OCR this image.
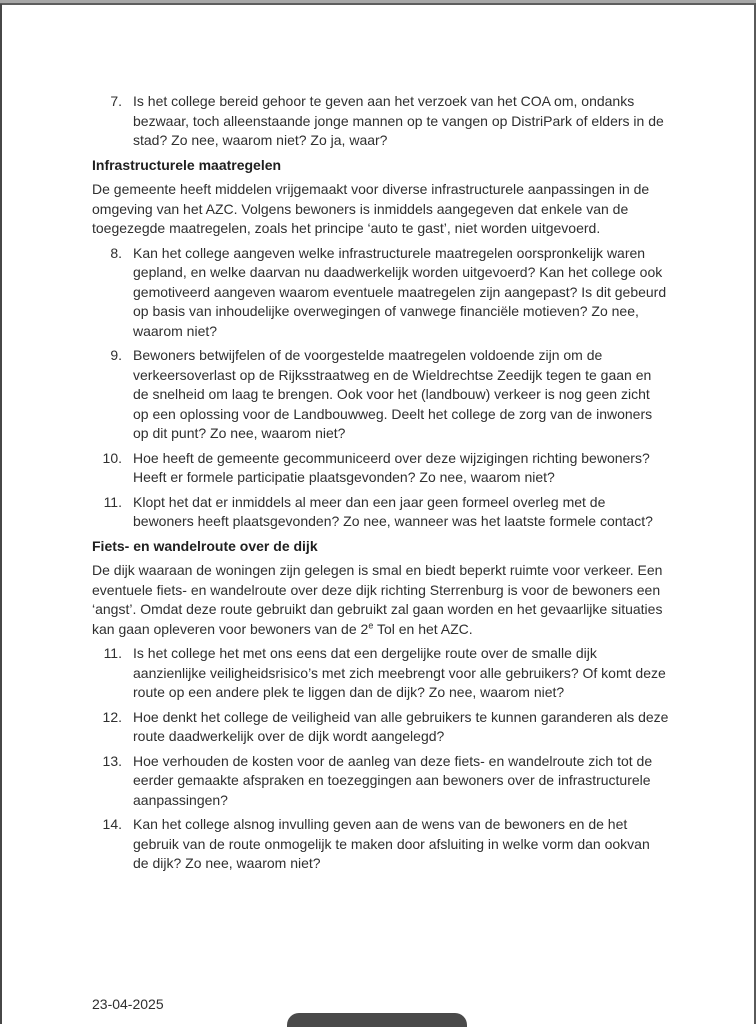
7. Is het college bereid gehoor te geven aan het verzoek van het COA om, ondanks bezwaar, toch alleenstaande jonge mannen op te vangen op DistriPark of elders in de stad? Zo nee, waarom niet? Zo ja, waar?
Infrastructurele maatregelen
De gemeente heeft middelen vrijgemaakt voor diverse infrastructurele aanpassingen in de omgeving van het AZC. Volgens bewoners is inmiddels aangegeven dat enkele van de toegezegde maatregelen, zoals het principe ‘auto te gast’, niet worden uitgevoerd.
8. Kan het college aangeven welke infrastructurele maatregelen oorspronkelijk waren gepland, en welke daarvan nu daadwerkelijk worden uitgevoerd? Kan het college ook gemotiveerd aangeven waarom eventuele maatregelen zijn aangepast? Is dit gebeurd op basis van inhoudelijke overwegingen of vanwege financiële motieven? Zo nee, waarom niet?
9. Bewoners betwijfelen of de voorgestelde maatregelen voldoende zijn om de verkeersoverlast op de Rijksstraatweg en de Wieldrechtse Zeedijk tegen te gaan en de snelheid om laag te brengen. Ook voor het (landbouw) verkeer is nog geen zicht op een oplossing voor de Landbouwweg. Deelt het college de zorg van de inwoners op dit punt? Zo nee, waarom niet?
10. Hoe heeft de gemeente gecommuniceerd over deze wijzigingen richting bewoners? Heeft er formele participatie plaatsgevonden? Zo nee, waarom niet?
11. Klopt het dat er inmiddels al meer dan een jaar geen formeel overleg met de bewoners heeft plaatsgevonden? Zo nee, wanneer was het laatste formele contact?
Fiets- en wandelroute over de dijk
De dijk waaraan de woningen zijn gelegen is smal en biedt beperkt ruimte voor verkeer. Een eventuele fiets- en wandelroute over deze dijk richting Sterrenburg is voor de bewoners een ‘angst’. Omdat deze route gebruikt dan gebruikt zal gaan worden en het gevaarlijke situaties kan gaan opleveren voor bewoners van de 2e Tol en het AZC.
11. Is het college het met ons eens dat een dergelijke route over de smalle dijk aanzienlijke veiligheidsrisico’s met zich meebrengt voor alle gebruikers? Of komt deze route op een andere plek te liggen dan de dijk? Zo nee, waarom niet?
12. Hoe denkt het college de veiligheid van alle gebruikers te kunnen garanderen als deze route daadwerkelijk over de dijk wordt aangelegd?
13. Hoe verhouden de kosten voor de aanleg van deze fiets- en wandelroute zich tot de eerder gemaakte afspraken en toezeggingen aan bewoners over de infrastructurele aanpassingen?
14. Kan het college alsnog invulling geven aan de wens van de bewoners en de het gebruik van de route onmogelijk te maken door afsluiting in welke vorm dan ookvan de dijk? Zo nee, waarom niet?
23-04-2025
